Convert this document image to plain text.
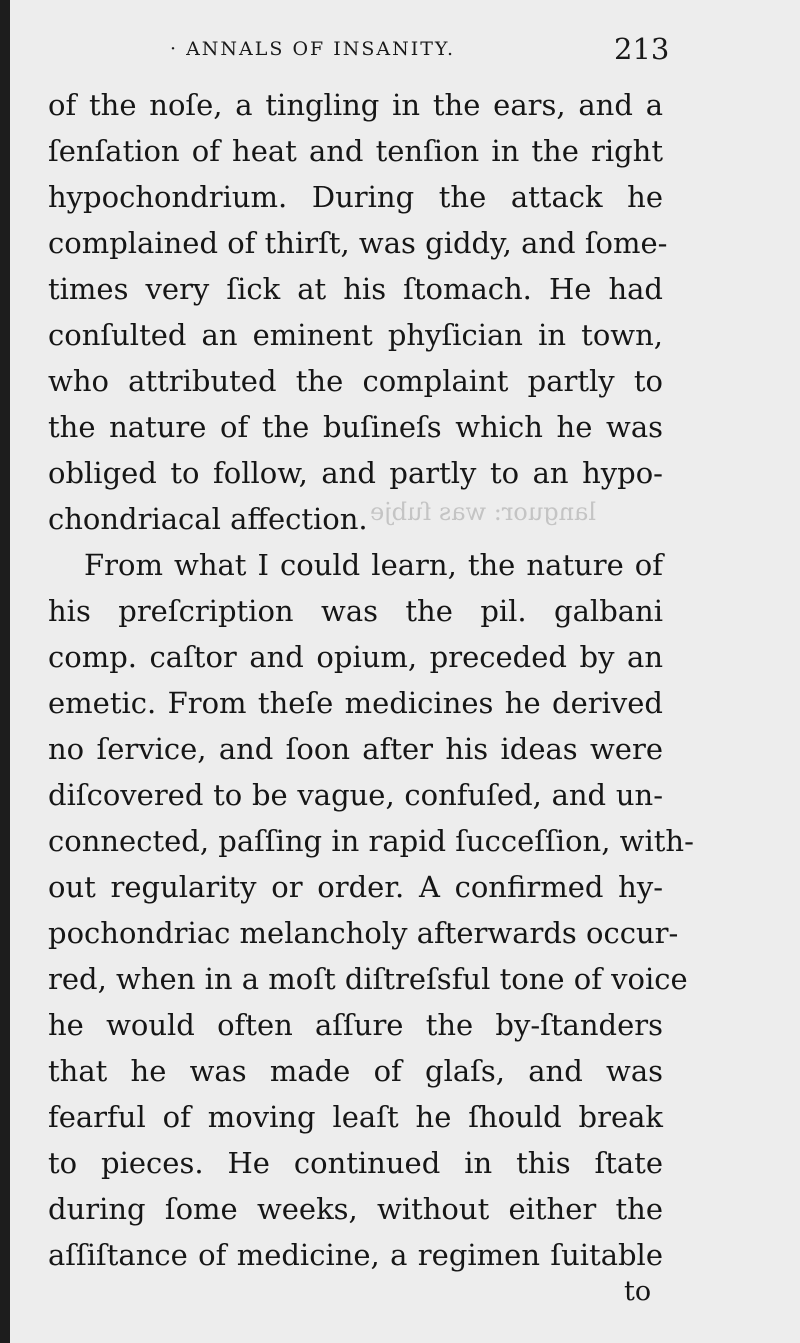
· ANNALS OF INSANITY.	213
languor: was ſubje
of the noſe, a tingling in the ears, and a
ſenſation of heat and tenſion in the right
hypochondrium. During the attack he
complained of thirſt, was giddy, and ſome-
times very ſick at his ſtomach. He had
conſulted an eminent phyſician in town,
who attributed the complaint partly to
the nature of the buſineſs which he was
obliged to follow, and partly to an hypo-
chondriacal affection.
From what I could learn, the nature of
his preſcription was the pil. galbani
comp. caſtor and opium, preceded by an
emetic. From theſe medicines he derived
no ſervice, and ſoon after his ideas were
diſcovered to be vague, confuſed, and un-
connected, paſſing in rapid ſucceſſion, with-
out regularity or order. A confirmed hy-
pochondriac melancholy afterwards occur-
red, when in a moſt diſtreſsful tone of voice
he would often aſſure the by-ſtanders
that he was made of glaſs, and was
fearful of moving leaſt he ſhould break
to pieces. He continued in this ſtate
during ſome weeks, without either the
aſſiſtance of medicine, a regimen ſuitable
to
